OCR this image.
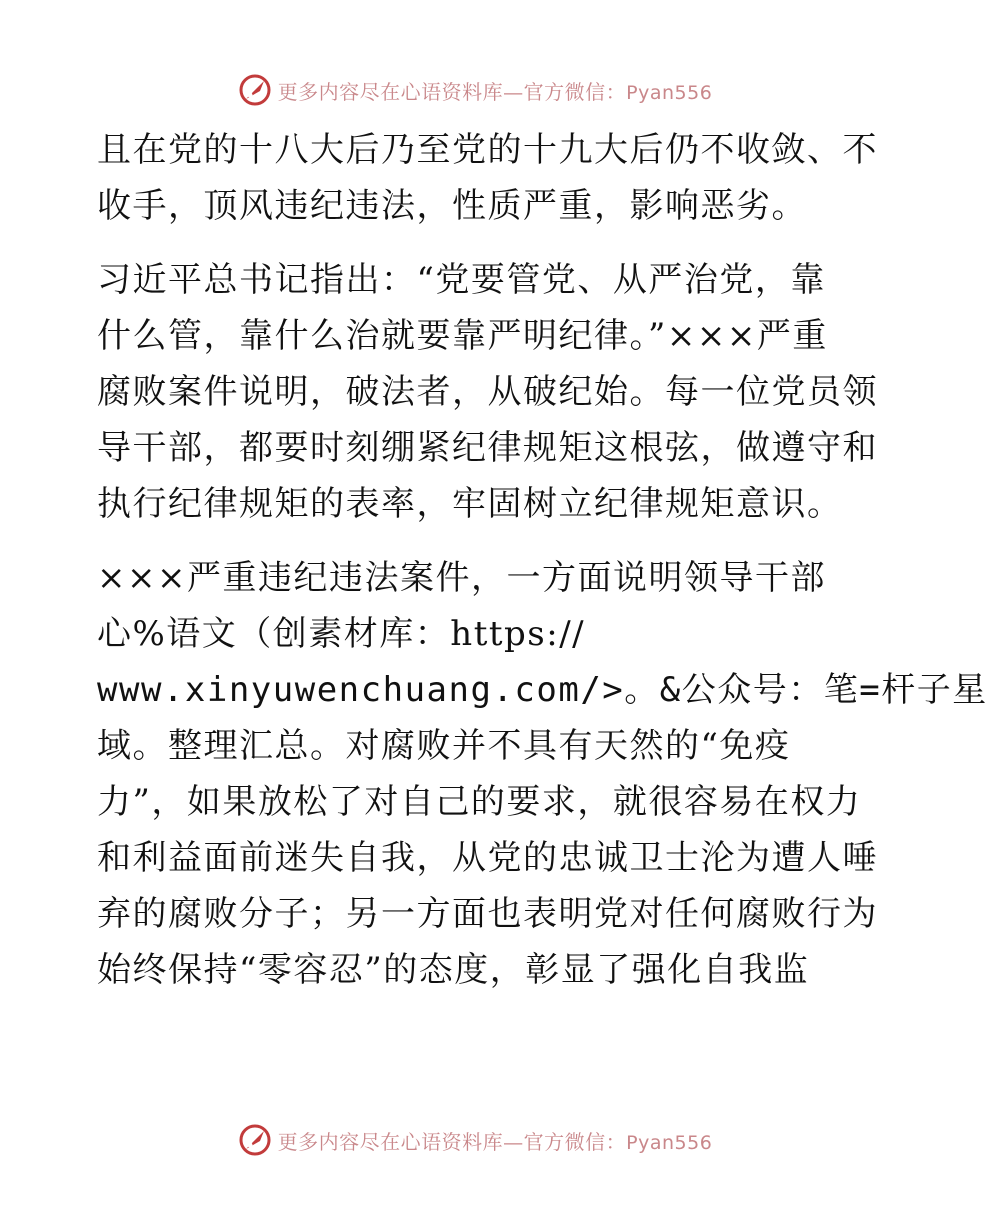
更多内容尽在心语资料库—官方微信：Pyan556
且在党的十八大后乃至党的十九大后仍不收敛、不
收手，顶风违纪违法，性质严重，影响恶劣。
习近平总书记指出：“党要管党、从严治党，靠
什么管，靠什么治就要靠严明纪律。”×××严重
腐败案件说明，破法者，从破纪始。每一位党员领
导干部，都要时刻绷紧纪律规矩这根弦，做遵守和
执行纪律规矩的表率，牢固树立纪律规矩意识。
×××严重违纪违法案件，一方面说明领导干部
心%语文（创素材库：https://
www.xinyuwenchuang.com/>。&公众号：笔=杆子星
域。整理汇总。对腐败并不具有天然的“免疫
力”，如果放松了对自己的要求，就很容易在权力
和利益面前迷失自我，从党的忠诚卫士沦为遭人唾
弃的腐败分子；另一方面也表明党对任何腐败行为
始终保持“零容忍”的态度，彰显了强化自我监
更多内容尽在心语资料库—官方微信：Pyan556
